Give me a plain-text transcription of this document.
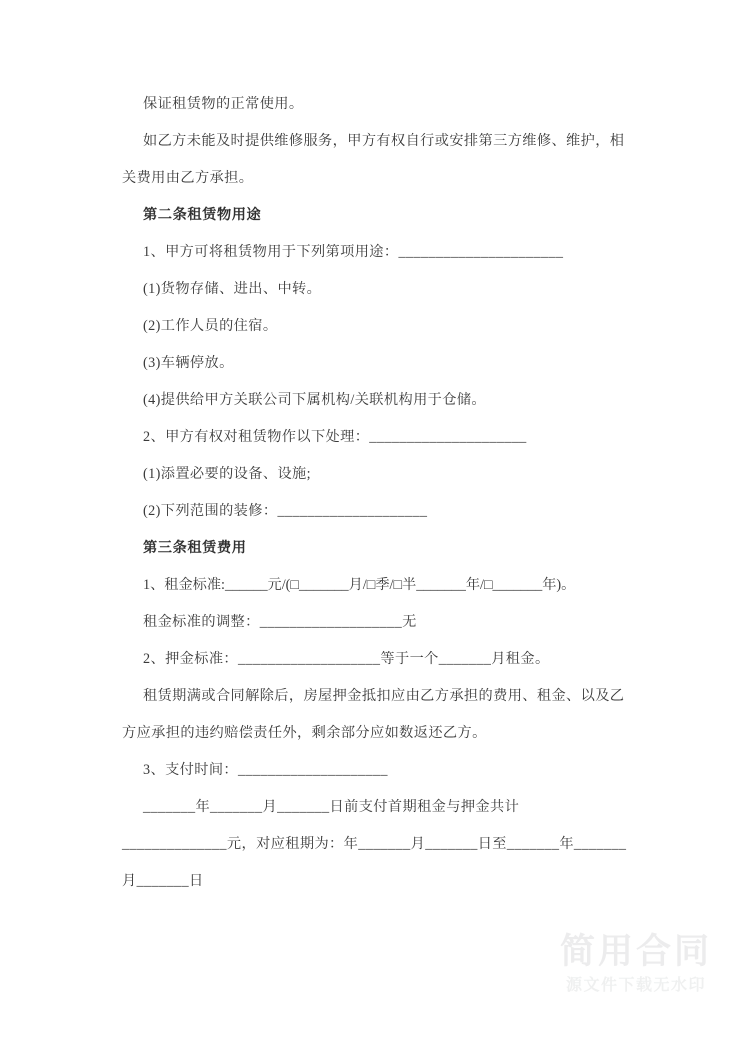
保证租赁物的正常使用。
如乙方未能及时提供维修服务，甲方有权自行或安排第三方维修、维护，相
关费用由乙方承担。
第二条租赁物用途
1、甲方可将租赁物用于下列第项用途：______________________
(1)货物存储、进出、中转。
(2)工作人员的住宿。
(3)车辆停放。
(4)提供给甲方关联公司下属机构/关联机构用于仓储。
2、甲方有权对租赁物作以下处理：_____________________
(1)添置必要的设备、设施;
(2)下列范围的装修：____________________
第三条租赁费用
1、租金标准:______元/(□_______月/□季/□半_______年/□_______年)。
租金标准的调整：___________________无
2、押金标准：___________________等于一个_______月租金。
租赁期满或合同解除后，房屋押金抵扣应由乙方承担的费用、租金、以及乙
方应承担的违约赔偿责任外，剩余部分应如数返还乙方。
3、支付时间：____________________
_______年_______月_______日前支付首期租金与押金共计
______________元，对应租期为：年_______月_______日至_______年_______
月_______日
简用合同
源文件下载无水印
